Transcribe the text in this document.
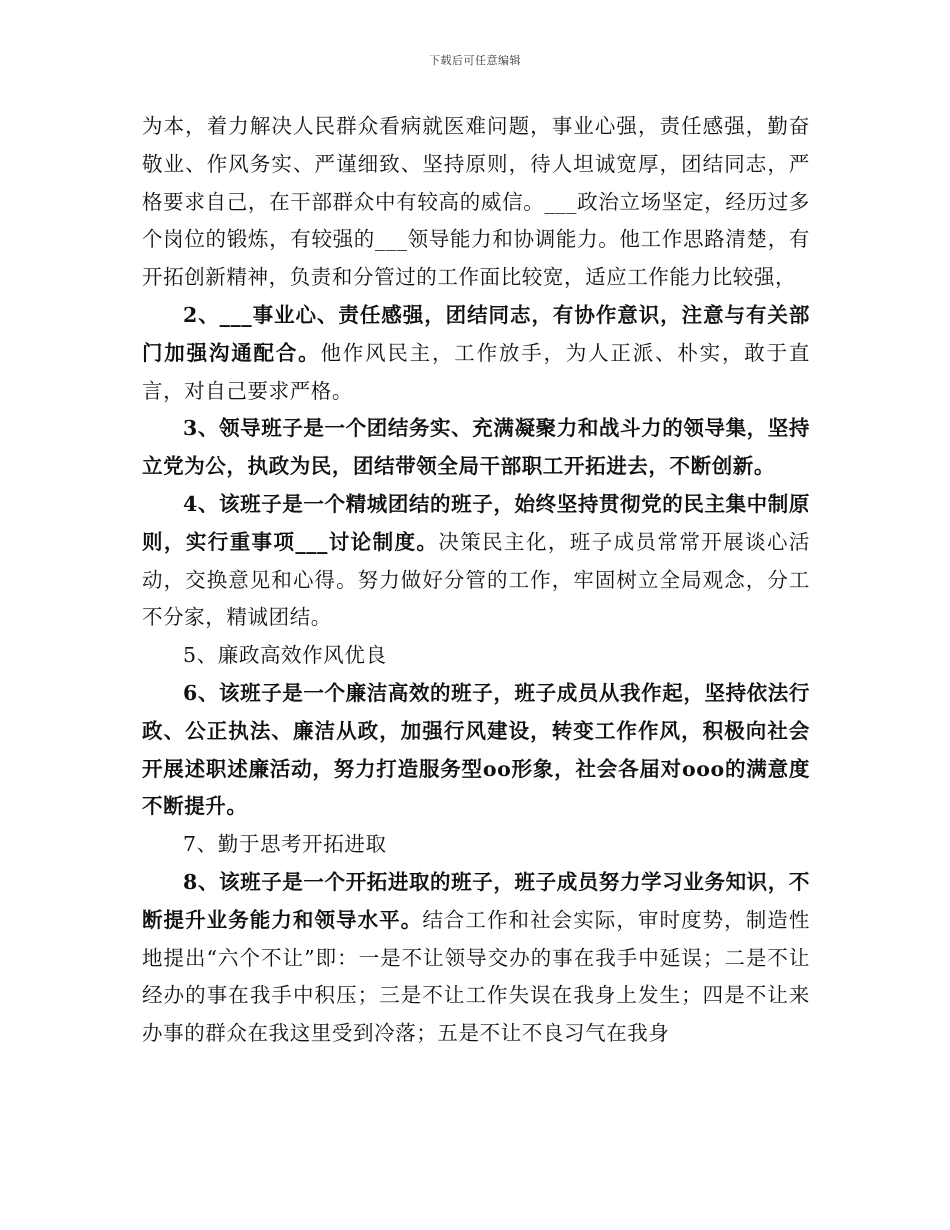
下载后可任意编辑

为本，着力解决人民群众看病就医难问题，事业心强，责任感强，勤奋敬业、作风务实、严谨细致、坚持原则，待人坦诚宽厚，团结同志，严格要求自己，在干部群众中有较高的威信。___政治立场坚定，经历过多个岗位的锻炼，有较强的___领导能力和协调能力。他工作思路清楚，有开拓创新精神，负责和分管过的工作面比较宽，适应工作能力比较强，

2、___事业心、责任感强，团结同志，有协作意识，注意与有关部门加强沟通配合。他作风民主，工作放手，为人正派、朴实，敢于直言，对自己要求严格。

3、领导班子是一个团结务实、充满凝聚力和战斗力的领导集，坚持立党为公，执政为民，团结带领全局干部职工开拓进去，不断创新。

4、该班子是一个精城团结的班子，始终坚持贯彻党的民主集中制原则，实行重事项___讨论制度。决策民主化，班子成员常常开展谈心活动，交换意见和心得。努力做好分管的工作，牢固树立全局观念，分工不分家，精诚团结。

5、廉政高效作风优良

6、该班子是一个廉洁高效的班子，班子成员从我作起，坚持依法行政、公正执法、廉洁从政，加强行风建设，转变工作作风，积极向社会开展述职述廉活动，努力打造服务型oo形象，社会各届对ooo的满意度不断提升。

7、勤于思考开拓进取

8、该班子是一个开拓进取的班子，班子成员努力学习业务知识，不断提升业务能力和领导水平。结合工作和社会实际，审时度势，制造性地提出“六个不让”即：一是不让领导交办的事在我手中延误；二是不让经办的事在我手中积压；三是不让工作失误在我身上发生；四是不让来办事的群众在我这里受到冷落；五是不让不良习气在我身
